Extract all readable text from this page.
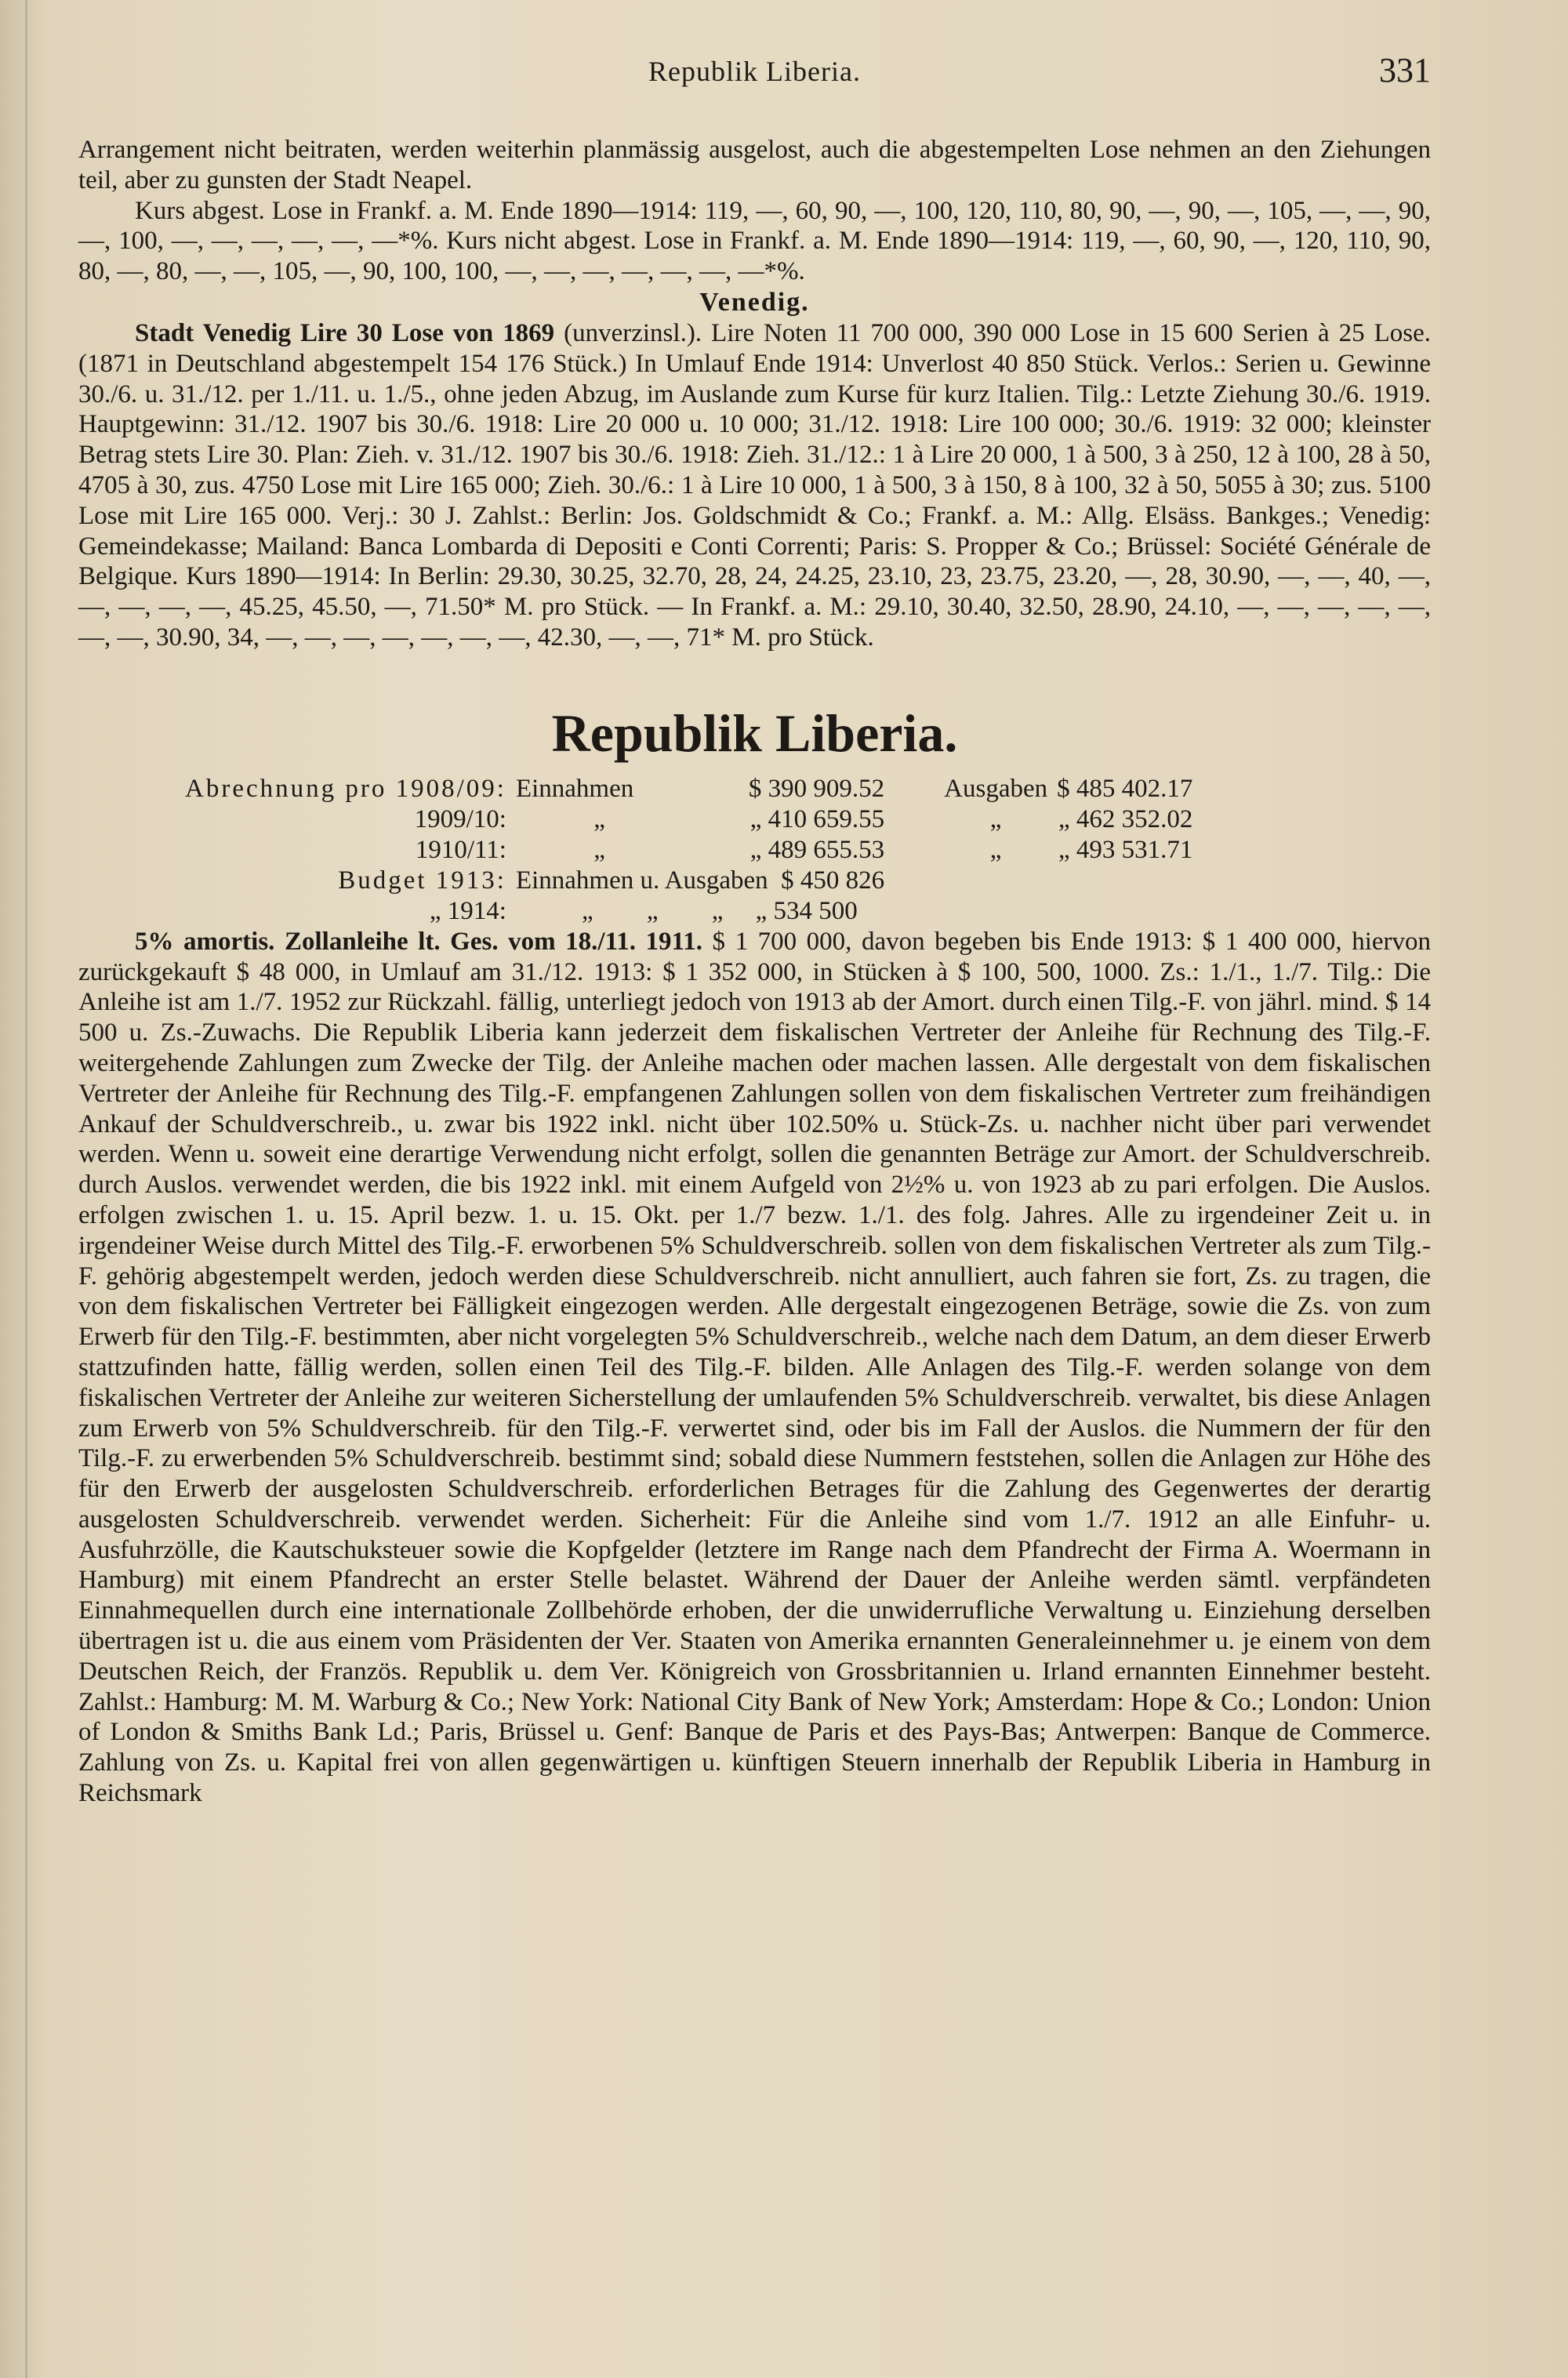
Republik Liberia.	331

Arrangement nicht beitraten, werden weiterhin planmässig ausgelost, auch die abgestempelten Lose nehmen an den Ziehungen teil, aber zu gunsten der Stadt Neapel.

Kurs abgest. Lose in Frankf. a. M. Ende 1890—1914: 119, —, 60, 90, —, 100, 120, 110, 80, 90, —, 90, —, 105, —, —, 90, —, 100, —, —, —, —, —, —*%. Kurs nicht abgest. Lose in Frankf. a. M. Ende 1890—1914: 119, —, 60, 90, —, 120, 110, 90, 80, —, 80, —, —, 105, —, 90, 100, 100, —, —, —, —, —, —, —*%.

Venedig.

Stadt Venedig Lire 30 Lose von 1869 (unverzinsl.). Lire Noten 11 700 000, 390 000 Lose in 15 600 Serien à 25 Lose. (1871 in Deutschland abgestempelt 154 176 Stück.) In Umlauf Ende 1914: Unverlost 40 850 Stück. Verlos.: Serien u. Gewinne 30./6. u. 31./12. per 1./11. u. 1./5., ohne jeden Abzug, im Auslande zum Kurse für kurz Italien. Tilg.: Letzte Ziehung 30./6. 1919. Hauptgewinn: 31./12. 1907 bis 30./6. 1918: Lire 20 000 u. 10 000; 31./12. 1918: Lire 100 000; 30./6. 1919: 32 000; kleinster Betrag stets Lire 30. Plan: Zieh. v. 31./12. 1907 bis 30./6. 1918: Zieh. 31./12.: 1 à Lire 20 000, 1 à 500, 3 à 250, 12 à 100, 28 à 50, 4705 à 30, zus. 4750 Lose mit Lire 165 000; Zieh. 30./6.: 1 à Lire 10 000, 1 à 500, 3 à 150, 8 à 100, 32 à 50, 5055 à 30; zus. 5100 Lose mit Lire 165 000. Verj.: 30 J. Zahlst.: Berlin: Jos. Goldschmidt & Co.; Frankf. a. M.: Allg. Elsäss. Bankges.; Venedig: Gemeindekasse; Mailand: Banca Lombarda di Depositi e Conti Correnti; Paris: S. Propper & Co.; Brüssel: Société Générale de Belgique. Kurs 1890—1914: In Berlin: 29.30, 30.25, 32.70, 28, 24, 24.25, 23.10, 23, 23.75, 23.20, —, 28, 30.90, —, —, 40, —, —, —, —, —, 45.25, 45.50, —, 71.50* M. pro Stück. — In Frankf. a. M.: 29.10, 30.40, 32.50, 28.90, 24.10, —, —, —, —, —, —, —, 30.90, 34, —, —, —, —, —, —, —, 42.30, —, —, 71* M. pro Stück.

Republik Liberia.
Abrechnung pro 1908/09:	Einnahmen	$ 390 909.52	Ausgaben	$ 485 402.17
1909/10:	„	„ 410 659.55	„	„ 462 352.02
1910/11:	„	„ 489 655.53	„	„ 493 531.71
Budget 1913:	Einnahmen u. Ausgaben $ 450 826			
„ 1914:	„ „ „ „ 534 500			

5% amortis. Zollanleihe lt. Ges. vom 18./11. 1911. $ 1 700 000, davon begeben bis Ende 1913: $ 1 400 000, hiervon zurückgekauft $ 48 000, in Umlauf am 31./12. 1913: $ 1 352 000, in Stücken à $ 100, 500, 1000. Zs.: 1./1., 1./7. Tilg.: Die Anleihe ist am 1./7. 1952 zur Rückzahl. fällig, unterliegt jedoch von 1913 ab der Amort. durch einen Tilg.-F. von jährl. mind. $ 14 500 u. Zs.-Zuwachs. Die Republik Liberia kann jederzeit dem fiskalischen Vertreter der Anleihe für Rechnung des Tilg.-F. weitergehende Zahlungen zum Zwecke der Tilg. der Anleihe machen oder machen lassen. Alle dergestalt von dem fiskalischen Vertreter der Anleihe für Rechnung des Tilg.-F. empfangenen Zahlungen sollen von dem fiskalischen Vertreter zum freihändigen Ankauf der Schuldverschreib., u. zwar bis 1922 inkl. nicht über 102.50% u. Stück-Zs. u. nachher nicht über pari verwendet werden. Wenn u. soweit eine derartige Verwendung nicht erfolgt, sollen die genannten Beträge zur Amort. der Schuldverschreib. durch Auslos. verwendet werden, die bis 1922 inkl. mit einem Aufgeld von 2½% u. von 1923 ab zu pari erfolgen. Die Auslos. erfolgen zwischen 1. u. 15. April bezw. 1. u. 15. Okt. per 1./7 bezw. 1./1. des folg. Jahres. Alle zu irgendeiner Zeit u. in irgendeiner Weise durch Mittel des Tilg.-F. erworbenen 5% Schuldverschreib. sollen von dem fiskalischen Vertreter als zum Tilg.-F. gehörig abgestempelt werden, jedoch werden diese Schuldverschreib. nicht annulliert, auch fahren sie fort, Zs. zu tragen, die von dem fiskalischen Vertreter bei Fälligkeit eingezogen werden. Alle dergestalt eingezogenen Beträge, sowie die Zs. von zum Erwerb für den Tilg.-F. bestimmten, aber nicht vorgelegten 5% Schuldverschreib., welche nach dem Datum, an dem dieser Erwerb stattzufinden hatte, fällig werden, sollen einen Teil des Tilg.-F. bilden. Alle Anlagen des Tilg.-F. werden solange von dem fiskalischen Vertreter der Anleihe zur weiteren Sicherstellung der umlaufenden 5% Schuldverschreib. verwaltet, bis diese Anlagen zum Erwerb von 5% Schuldverschreib. für den Tilg.-F. verwertet sind, oder bis im Fall der Auslos. die Nummern der für den Tilg.-F. zu erwerbenden 5% Schuldverschreib. bestimmt sind; sobald diese Nummern feststehen, sollen die Anlagen zur Höhe des für den Erwerb der ausgelosten Schuldverschreib. erforderlichen Betrages für die Zahlung des Gegenwertes der derartig ausgelosten Schuldverschreib. verwendet werden. Sicherheit: Für die Anleihe sind vom 1./7. 1912 an alle Einfuhr- u. Ausfuhrzölle, die Kautschuksteuer sowie die Kopfgelder (letztere im Range nach dem Pfandrecht der Firma A. Woermann in Hamburg) mit einem Pfandrecht an erster Stelle belastet. Während der Dauer der Anleihe werden sämtl. verpfändeten Einnahmequellen durch eine internationale Zollbehörde erhoben, der die unwiderrufliche Verwaltung u. Einziehung derselben übertragen ist u. die aus einem vom Präsidenten der Ver. Staaten von Amerika ernannten Generaleinnehmer u. je einem von dem Deutschen Reich, der Französ. Republik u. dem Ver. Königreich von Grossbritannien u. Irland ernannten Einnehmer besteht. Zahlst.: Hamburg: M. M. Warburg & Co.; New York: National City Bank of New York; Amsterdam: Hope & Co.; London: Union of London & Smiths Bank Ld.; Paris, Brüssel u. Genf: Banque de Paris et des Pays-Bas; Antwerpen: Banque de Commerce. Zahlung von Zs. u. Kapital frei von allen gegenwärtigen u. künftigen Steuern innerhalb der Republik Liberia in Hamburg in Reichsmark
